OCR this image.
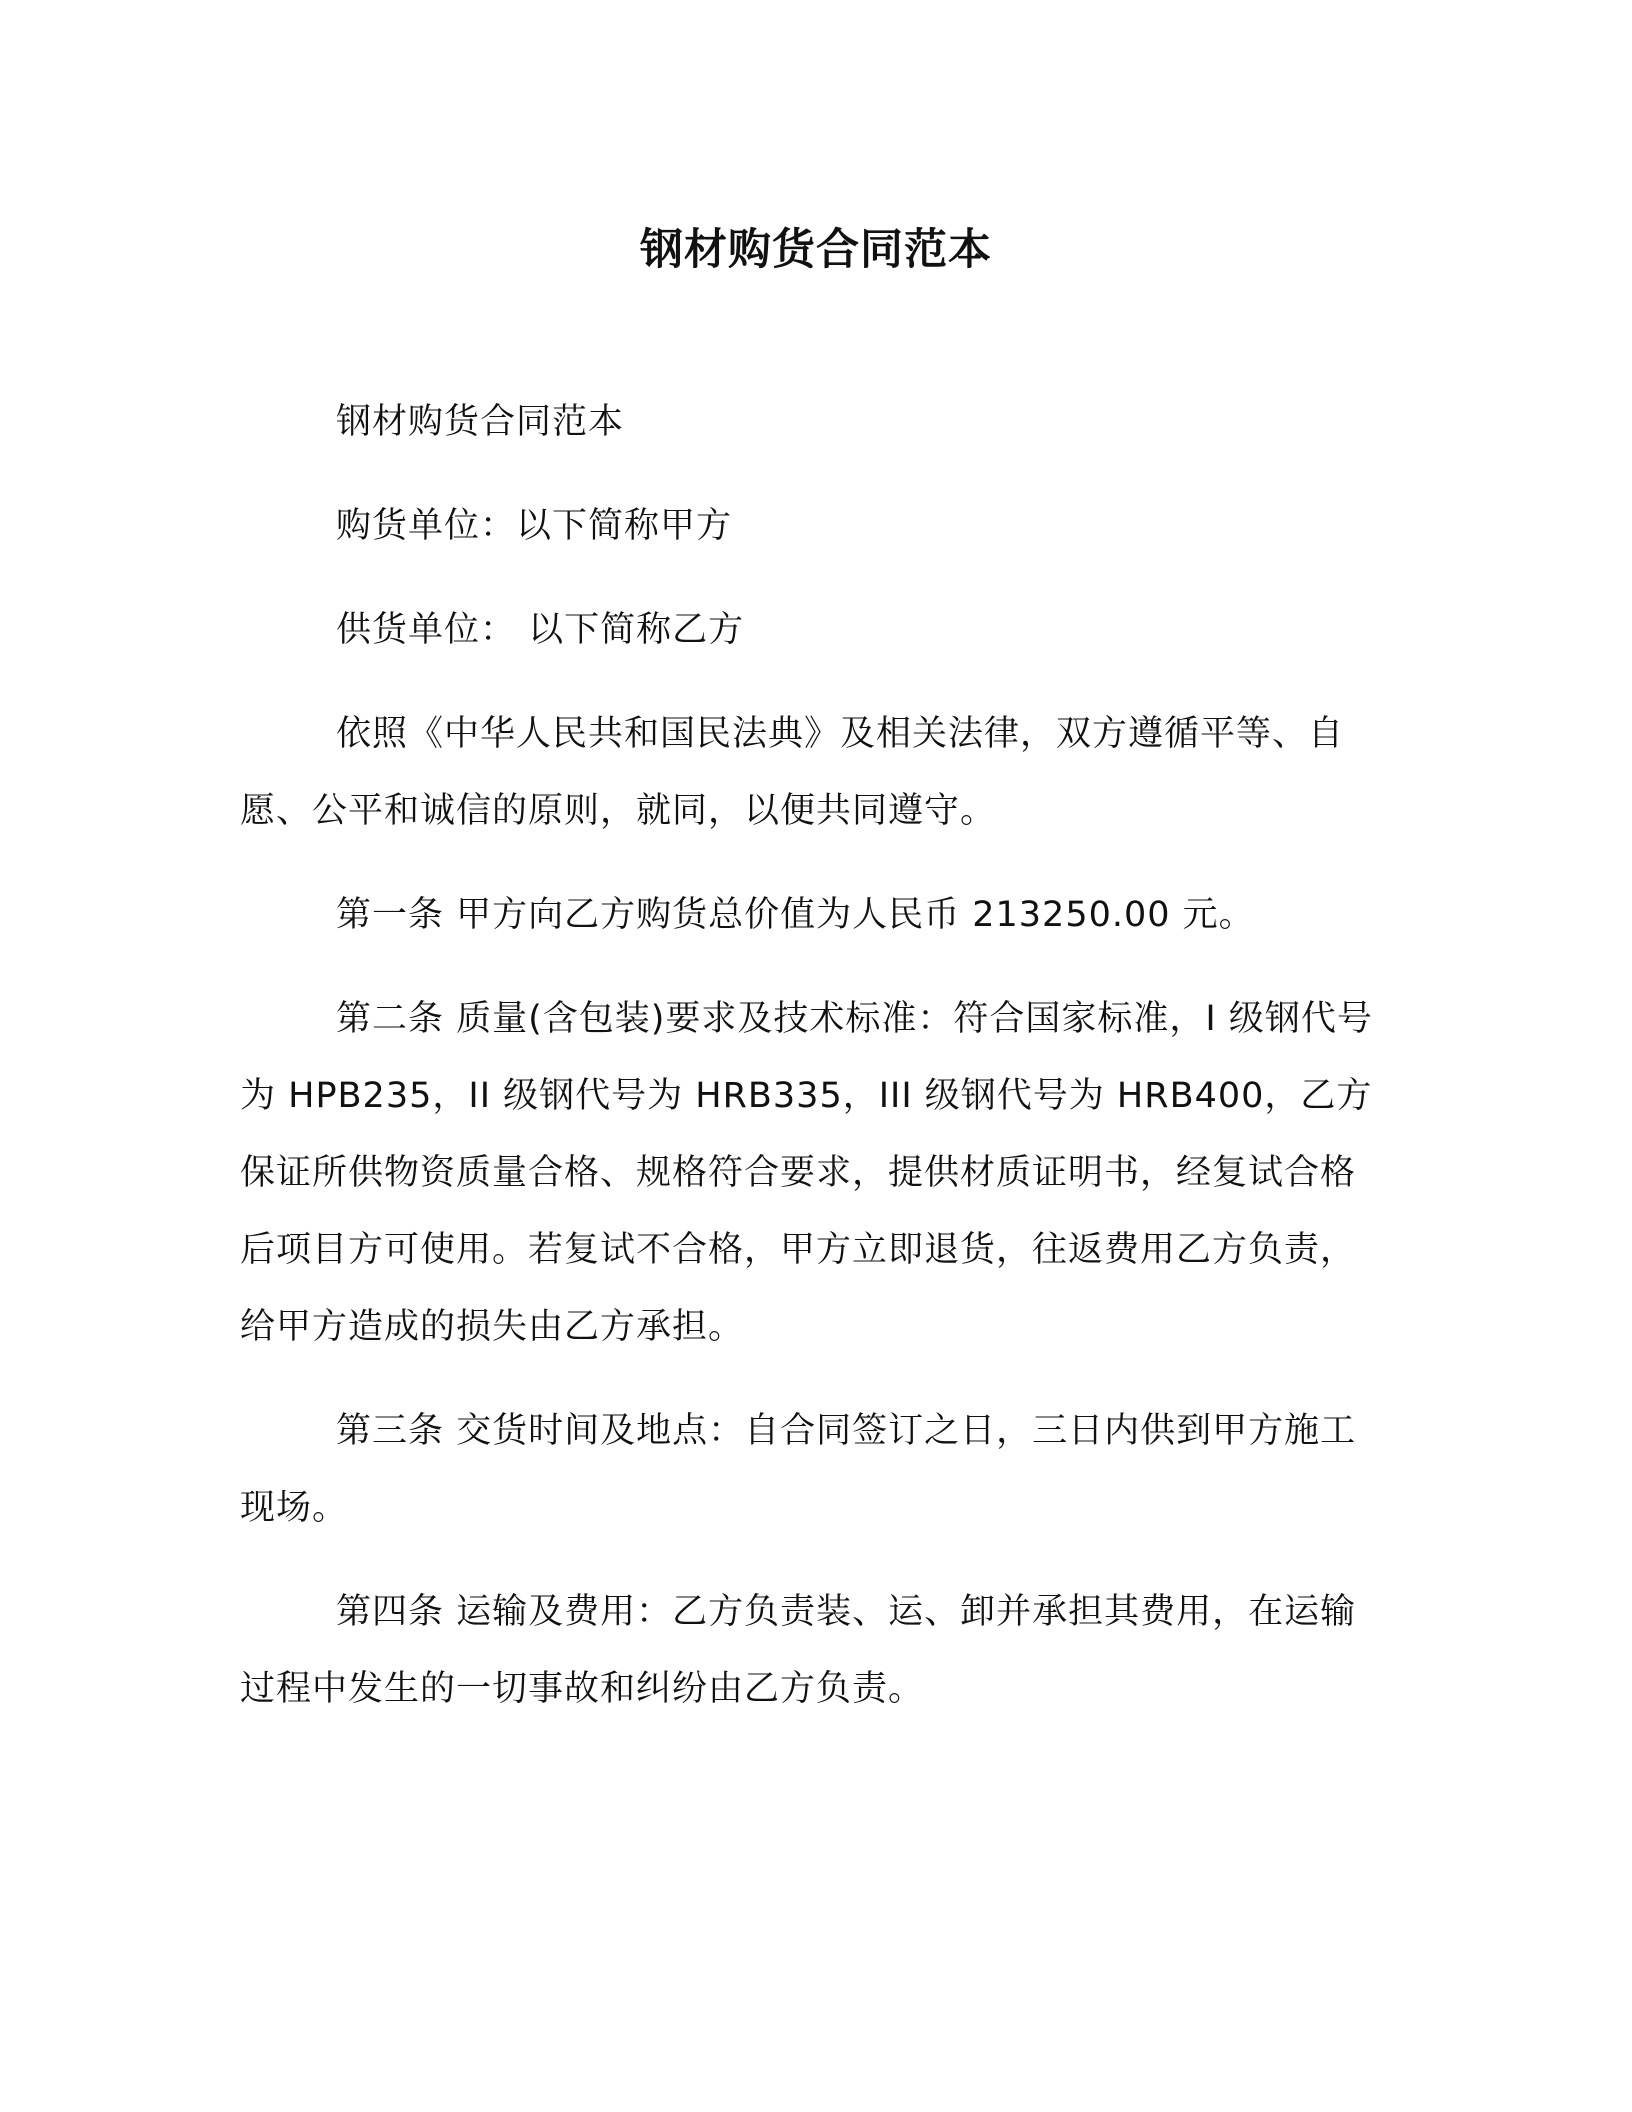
钢材购货合同范本

钢材购货合同范本

购货单位：以下简称甲方

供货单位： 以下简称乙方

依照《中华人民共和国民法典》及相关法律，双方遵循平等、自愿、公平和诚信的原则，就同，以便共同遵守。

第一条 甲方向乙方购货总价值为人民币 213250.00 元。

第二条 质量(含包装)要求及技术标准：符合国家标准，I 级钢代号为 HPB235，II 级钢代号为 HRB335，III 级钢代号为 HRB400，乙方保证所供物资质量合格、规格符合要求，提供材质证明书，经复试合格后项目方可使用。若复试不合格，甲方立即退货，往返费用乙方负责，给甲方造成的损失由乙方承担。

第三条 交货时间及地点：自合同签订之日，三日内供到甲方施工现场。

第四条 运输及费用：乙方负责装、运、卸并承担其费用，在运输过程中发生的一切事故和纠纷由乙方负责。
